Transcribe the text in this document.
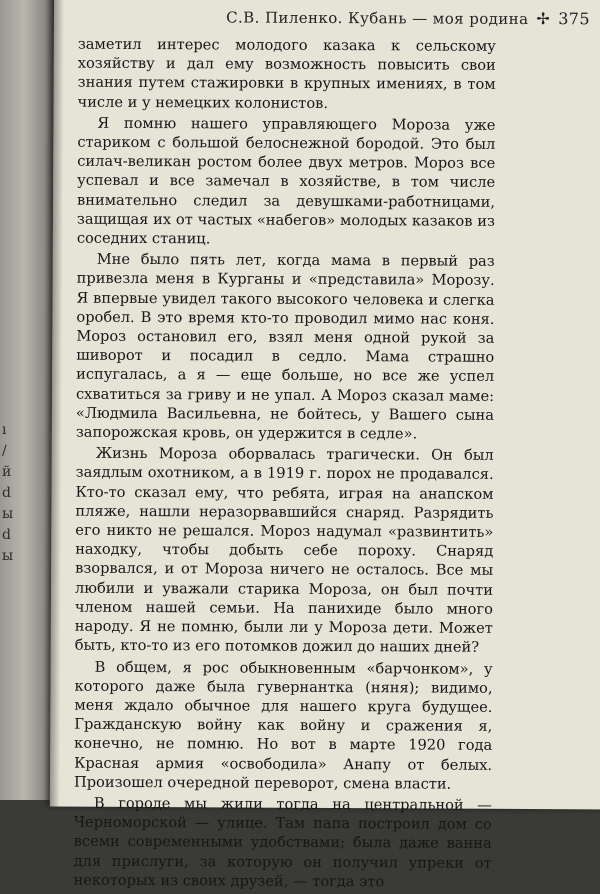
ı
/
й
d
ы
d
ы
С.В. Пиленко. Кубань — моя родина ✢ 375

заметил интерес молодого казака к сельскому хозяйству и дал ему возможность повысить свои знания путем стажировки в крупных имениях, в том числе и у немецких колонистов.

Я помню нашего управляющего Мороза уже стариком с большой белоснежной бородой. Это был силач-великан ростом более двух метров. Мороз все успевал и все замечал в хозяйстве, в том числе внимательно следил за девушками-работницами, защищая их от частых «набегов» молодых казаков из соседних станиц.

Мне было пять лет, когда мама в первый раз привезла меня в Курганы и «представила» Морозу. Я впервые увидел такого высокого человека и слегка оробел. В это время кто-то проводил мимо нас коня. Мороз остановил его, взял меня одной рукой за шиворот и посадил в седло. Мама страшно испугалась, а я — еще больше, но все же успел схватиться за гриву и не упал. А Мороз сказал маме: «Людмила Васильевна, не бойтесь, у Вашего сына запорожская кровь, он удержится в седле».

Жизнь Мороза оборвалась трагически. Он был заядлым охотником, а в 1919 г. порох не продавался. Кто-то сказал ему, что ребята, играя на анапском пляже, нашли неразорвавшийся снаряд. Разрядить его никто не решался. Мороз надумал «развинтить» находку, чтобы добыть себе пороху. Снаряд взорвался, и от Мороза ничего не осталось. Все мы любили и уважали старика Мороза, он был почти членом нашей семьи. На панихиде было много народу. Я не помню, были ли у Мороза дети. Может быть, кто-то из его потомков дожил до наших дней?

В общем, я рос обыкновенным «барчонком», у которого даже была гувернантка (няня); видимо, меня ждало обычное для нашего круга будущее. Гражданскую войну как войну и сражения я, конечно, не помню. Но вот в марте 1920 года Красная армия «освободила» Анапу от белых. Произошел очередной переворот, смена власти.

В городе мы жили тогда на центральной — Черноморской — улице. Там папа построил дом со всеми современными удобствами; была даже ванна для прислуги, за которую он получил упреки от некоторых из своих друзей, — тогда это
